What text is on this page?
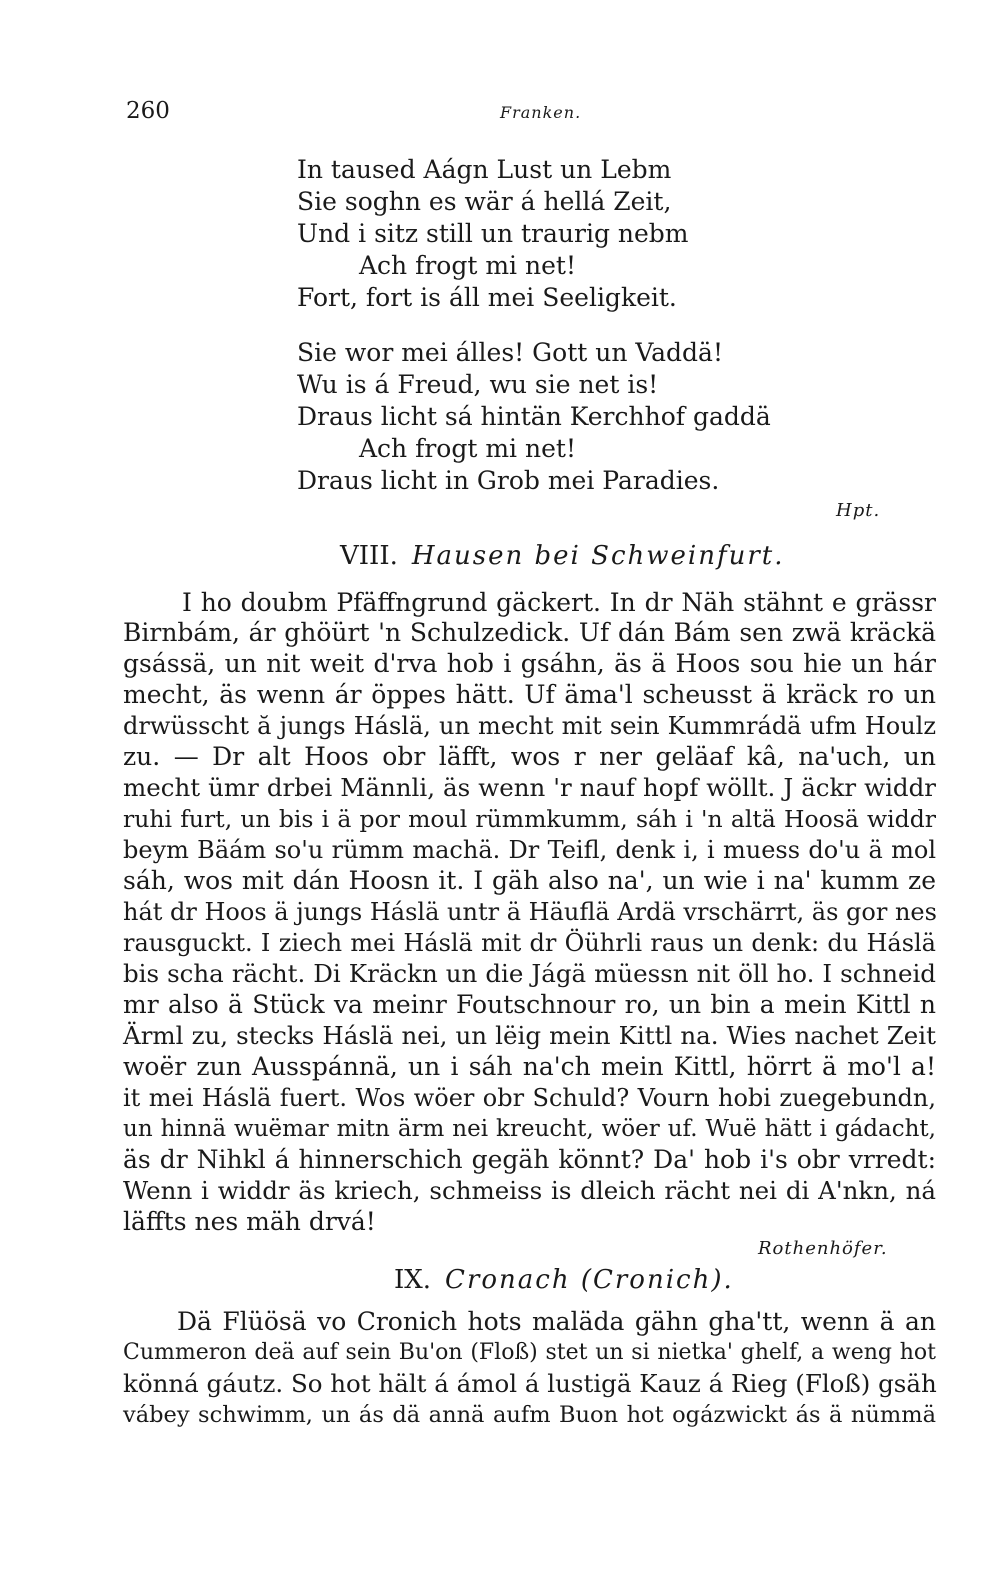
260	Franken.
In taused Aágn Lust un Lebm
Sie soghn es wär á hellá Zeit,
Und i sitz still un traurig nebm
Ach frogt mi net!
Fort, fort is áll mei Seeligkeit.
Sie wor mei álles! Gott un Vaddä!
Wu is á Freud, wu sie net is!
Draus licht sá hintän Kerchhof gaddä
Ach frogt mi net!
Draus licht in Grob mei Paradies.
Hpt.
VIII. Hausen bei Schweinfurt.
I ho doubm Pfäffngrund gäckert. In dr Näh stähnt e grässr
Birnbám, ár ghöürt 'n Schulzedick. Uf dán Bám sen zwä kräckä
gsássä, un nit weit d'rva hob i gsáhn, äs ä Hoos sou hie un hár
mecht, äs wenn ár öppes hätt. Uf äma'l scheusst ä kräck ro un
drwüsscht ă jungs Háslä, un mecht mit sein Kummrádä ufm Houlz
zu. — Dr alt Hoos obr läfft, wos r ner geläaf kâ, na'uch, un
mecht ümr drbei Männli, äs wenn 'r nauf hopf wöllt. J äckr widdr
ruhi furt, un bis i ä por moul rümmkumm, sáh i 'n altä Hoosä widdr
beym Bäám so'u rümm machä. Dr Teifl, denk i, i muess do'u ä mol
sáh, wos mit dán Hoosn it. I gäh also na', un wie i na' kumm ze
hát dr Hoos ä jungs Háslä untr ä Häuflä Ardä vrschärrt, äs gor nes
rausguckt. I ziech mei Háslä mit dr Öührli raus un denk: du Háslä
bis scha rächt. Di Kräckn un die Jágä müessn nit öll ho. I schneid
mr also ä Stück va meinr Foutschnour ro, un bin a mein Kittl n
Ärml zu, stecks Háslä nei, un lëig mein Kittl na. Wies nachet Zeit
woër zun Ausspánnä, un i sáh na'ch mein Kittl, hörrt ä mo'l a!
it mei Háslä fuert. Wos wöer obr Schuld? Vourn hobi zuegebundn,
un hinnä wuëmar mitn ärm nei kreucht, wöer uf. Wuë hätt i gádacht,
äs dr Nihkl á hinnerschich gegäh könnt? Da' hob i's obr vrredt:
Wenn i widdr äs kriech, schmeiss is dleich rächt nei di A'nkn, ná
läffts nes mäh drvá!
Rothenhöfer.
IX. Cronach (Cronich).
Dä Flüösä vo Cronich hots maläda gähn gha'tt, wenn ä an
Cummeron deä auf sein Bu'on (Floß) stet un si nietka' ghelf, a weng hot
könná gáutz. So hot hält á ámol á lustigä Kauz á Rieg (Floß) gsäh
vábey schwimm, un ás dä annä aufm Buon hot ogázwickt ás ä nümmä
